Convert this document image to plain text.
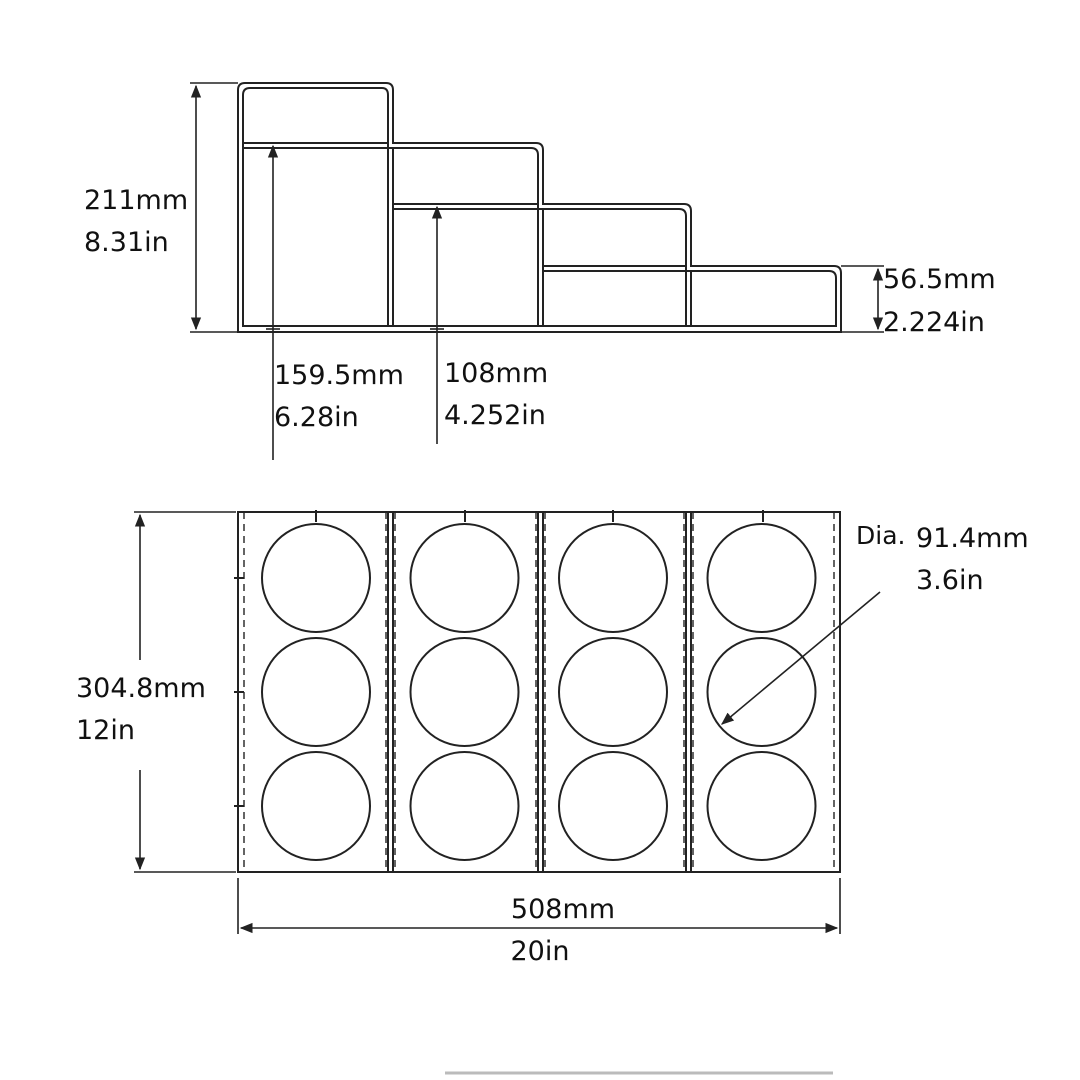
211mm
8.31in
159.5mm
6.28in
108mm
4.252in
56.5mm
2.224in
304.8mm
12in
508mm
20in
Dia. 91.4mm
3.6in
